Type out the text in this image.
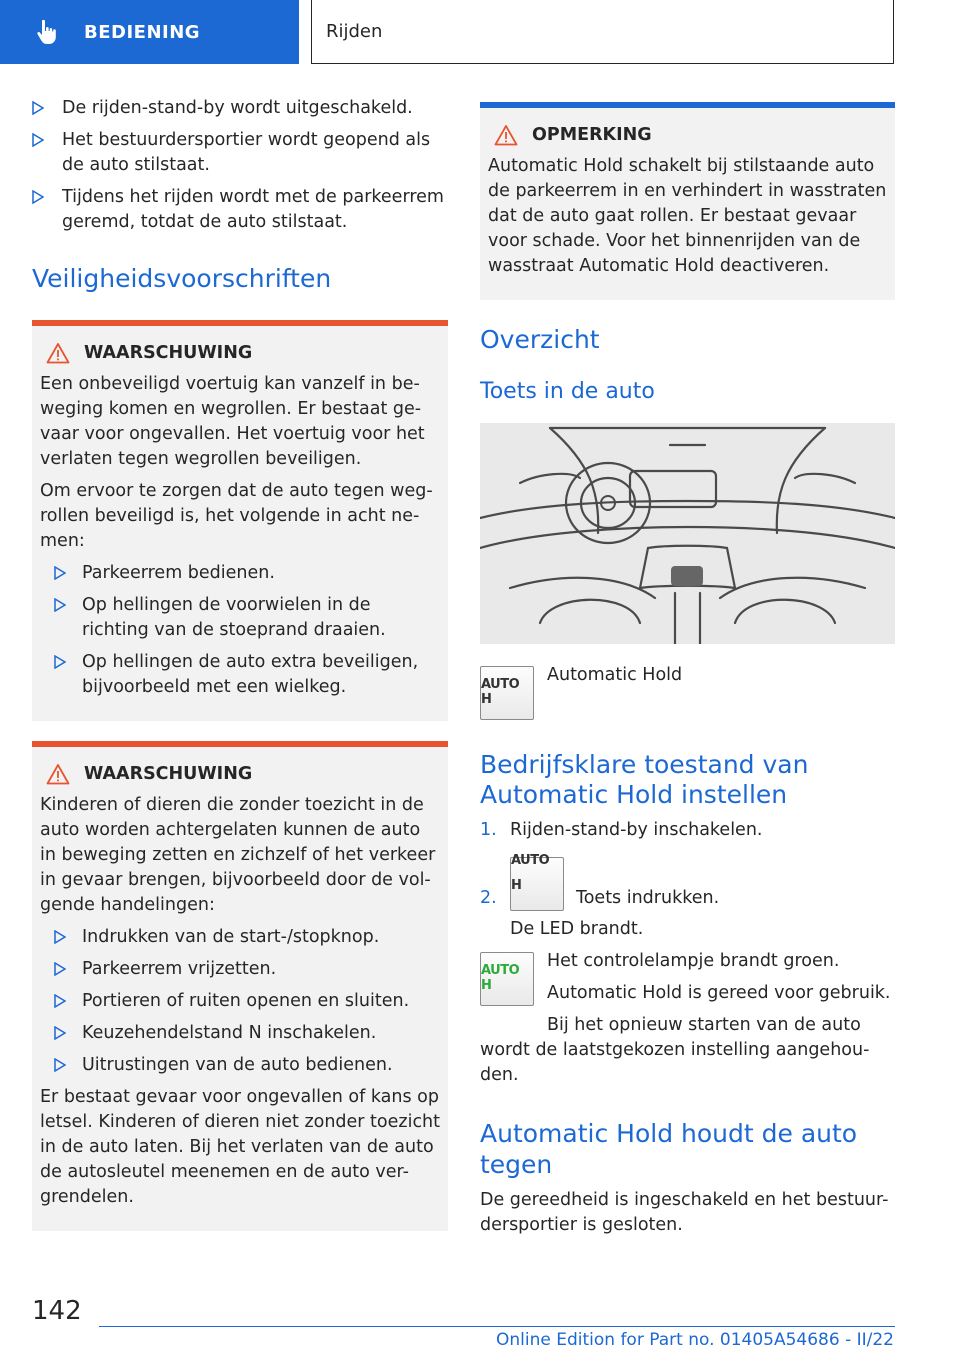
BEDIENING	Rijden
De rijden-stand-by wordt uitgeschakeld.
Het bestuurdersportier wordt geopend als de auto stilstaat.
Tijdens het rijden wordt met de parkeerrem geremd, totdat de auto stilstaat.
Veiligheidsvoorschriften
WAARSCHUWING

Een onbeveiligd voertuig kan vanzelf in be-weging komen en wegrollen. Er bestaat ge-vaar voor ongevallen. Het voertuig voor het verlaten tegen wegrollen beveiligen.

Om ervoor te zorgen dat de auto tegen weg-rollen beveiligd is, het volgende in acht ne-men:

Parkeerrem bedienen.
Op hellingen de voorwielen in de richting van de stoeprand draaien.
Op hellingen de auto extra beveiligen, bijvoorbeeld met een wielkeg.
WAARSCHUWING

Kinderen of dieren die zonder toezicht in de auto worden achtergelaten kunnen de auto in beweging zetten en zichzelf of het verkeer in gevaar brengen, bijvoorbeeld door de vol-gende handelingen:

Indrukken van de start-/stopknop.
Parkeerrem vrijzetten.
Portieren of ruiten openen en sluiten.
Keuzehendelstand N inschakelen.
Uitrustingen van de auto bedienen.

Er bestaat gevaar voor ongevallen of kans op letsel. Kinderen of dieren niet zonder toezicht in de auto laten. Bij het verlaten van de auto de autosleutel meenemen en de auto ver-grendelen.

OPMERKING

Automatic Hold schakelt bij stilstaande auto de parkeerrem in en verhindert in wasstraten dat de auto gaat rollen. Er bestaat gevaar voor schade. Voor het binnenrijden van de wasstraat Automatic Hold deactiveren.

Overzicht
Toets in de auto
AUTO H
Automatic Hold
Bedrijfsklare toestand van Automatic Hold instellen
1. Rijden-stand-by inschakelen.
2.
AUTO H
Toets indrukken.
De LED brandt.
AUTO H
Het controlelampje brandt groen.
Automatic Hold is gereed voor gebruik.
Bij het opnieuw starten van de auto
wordt de laatstgekozen instelling aangehou-den.
Automatic Hold houdt de auto tegen
De gereedheid is ingeschakeld en het bestuur-dersportier is gesloten.
142
Online Edition for Part no. 01405A54686 - II/22
